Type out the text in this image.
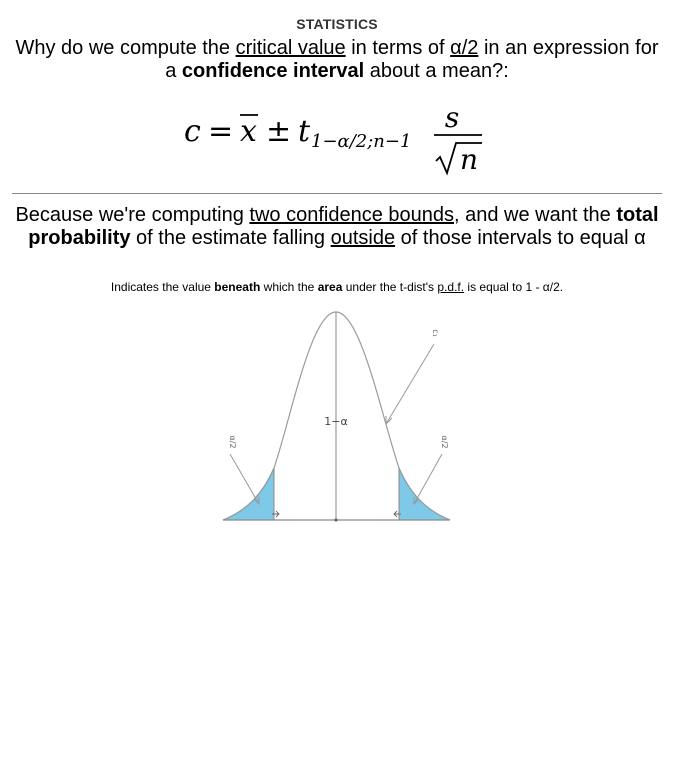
STATISTICS
Why do we compute the critical value in terms of α/2 in an expression for a confidence interval about a mean?:
c = x ± t 1−α/2;n−1
s
n
Because we're computing two confidence bounds, and we want the total probability of the estimate falling outside of those intervals to equal α
Indicates the value beneath which the area under the t-dist's p.d.f. is equal to 1 - α/2.
1−α
α/2	α/2
c₁
